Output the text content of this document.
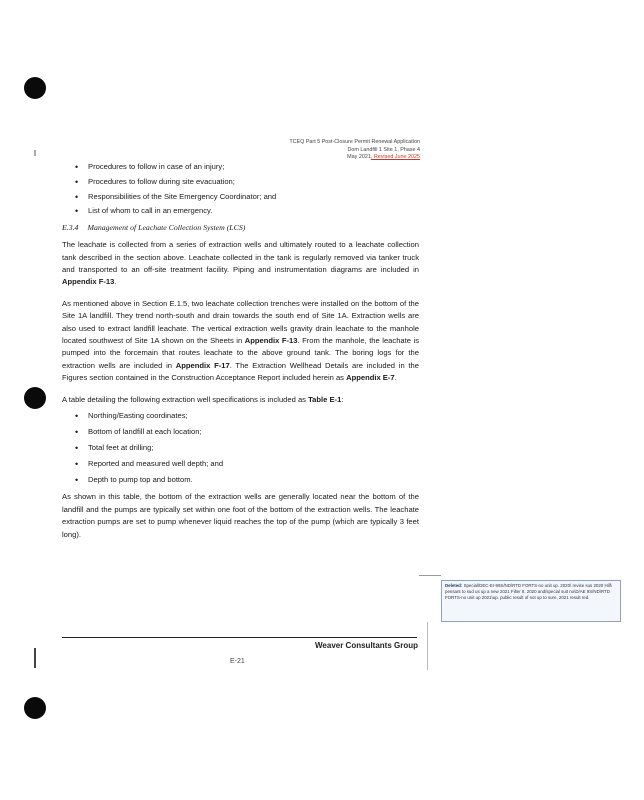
TCEQ Part 5 Post-Closure Permit Renewal Application
Dom Landfill 1 Site 1, Phase 4
May 2021, Revised June 2025
• Procedures to follow in case of an injury;
• Procedures to follow during site evacuation;
• Responsibilities of the Site Emergency Coordinator; and
• List of whom to call in an emergency.
E.3.4 Management of Leachate Collection System (LCS)

The leachate is collected from a series of extraction wells and ultimately routed to a leachate collection tank described in the section above. Leachate collected in the tank is regularly removed via tanker truck and transported to an off-site treatment facility. Piping and instrumentation diagrams are included in Appendix F-13.

As mentioned above in Section E.1.5, two leachate collection trenches were installed on the bottom of the Site 1A landfill. They trend north-south and drain towards the south end of Site 1A. Extraction wells are also used to extract landfill leachate. The vertical extraction wells gravity drain leachate to the manhole located southwest of Site 1A shown on the Sheets in Appendix F-13. From the manhole, the leachate is pumped into the forcemain that routes leachate to the above ground tank. The boring logs for the extraction wells are included in Appendix F-17. The Extraction Wellhead Details are included in the Figures section contained in the Construction Acceptance Report included herein as Appendix E-7.

A table detailing the following extraction well specifications is included as Table E-1:

• Northing/Easting coordinates;
• Bottom of landfill at each location;
• Total feet at drilling;
• Reported and measured well depth; and
• Depth to pump top and bottom.

As shown in this table, the bottom of the extraction wells are generally located near the bottom of the landfill and the pumps are typically set within one foot of the bottom of the extraction wells. The leachate extraction pumps are set to pump whenever liquid reaches the top of the pump (which are typically 3 feet long).

Deleted: Special/DEC-EI-99S/ND\RTD FORTS-no unit up. 2020\ revise sus 2020 Hill\ pensant to sud us up a new 2021 Filter 8. 2020 and/special suit no\D/AE 9S/ND\RTD FORTS-no unit up 2021\up. public result of not up to sure, 2021 result red.
Weaver Consultants Group
E-21
